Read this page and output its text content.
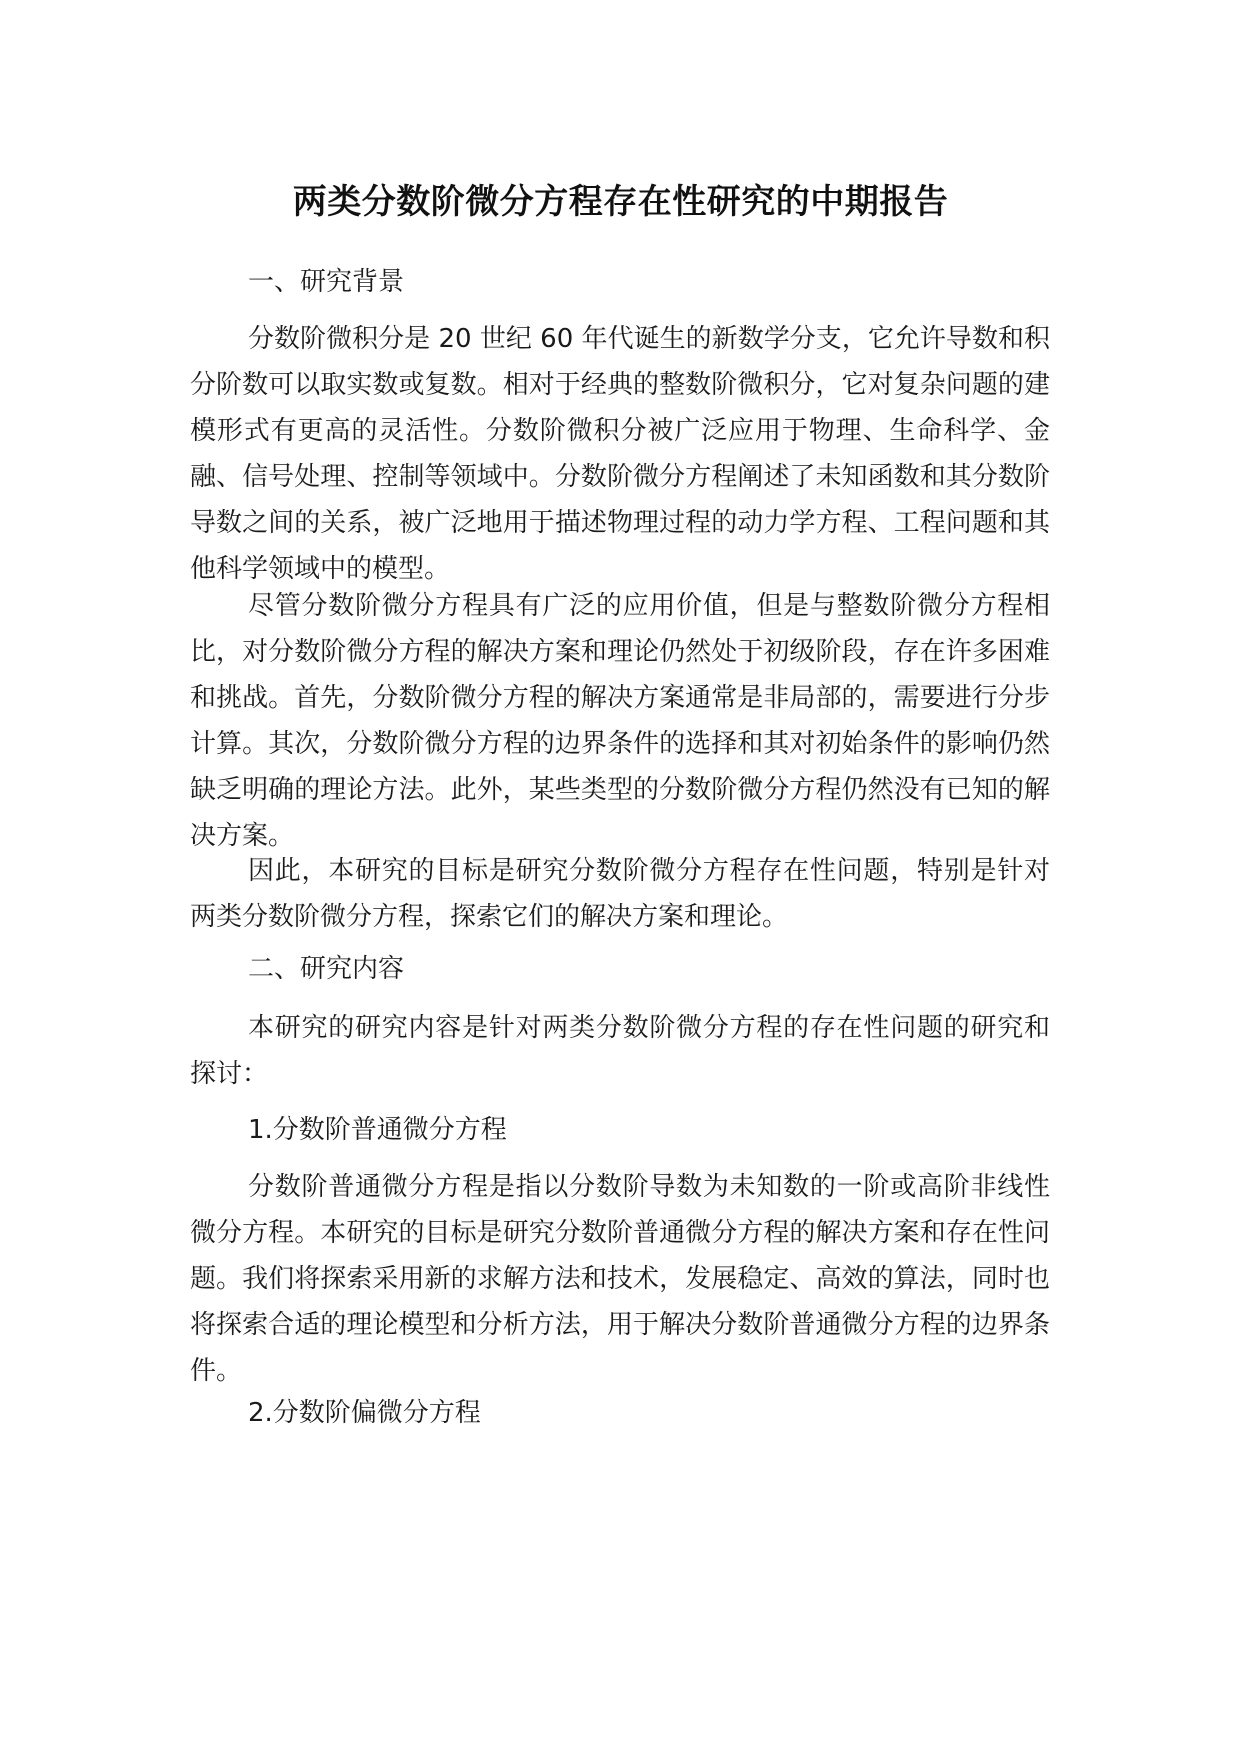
两类分数阶微分方程存在性研究的中期报告

一、研究背景

分数阶微积分是 20 世纪 60 年代诞生的新数学分支，它允许导数和积分阶数可以取实数或复数。相对于经典的整数阶微积分，它对复杂问题的建模形式有更高的灵活性。分数阶微积分被广泛应用于物理、生命科学、金融、信号处理、控制等领域中。分数阶微分方程阐述了未知函数和其分数阶导数之间的关系，被广泛地用于描述物理过程的动力学方程、工程问题和其他科学领域中的模型。

尽管分数阶微分方程具有广泛的应用价值，但是与整数阶微分方程相比，对分数阶微分方程的解决方案和理论仍然处于初级阶段，存在许多困难和挑战。首先，分数阶微分方程的解决方案通常是非局部的，需要进行分步计算。其次，分数阶微分方程的边界条件的选择和其对初始条件的影响仍然缺乏明确的理论方法。此外，某些类型的分数阶微分方程仍然没有已知的解决方案。

因此，本研究的目标是研究分数阶微分方程存在性问题，特别是针对两类分数阶微分方程，探索它们的解决方案和理论。

二、研究内容

本研究的研究内容是针对两类分数阶微分方程的存在性问题的研究和探讨：

1.分数阶普通微分方程

分数阶普通微分方程是指以分数阶导数为未知数的一阶或高阶非线性微分方程。本研究的目标是研究分数阶普通微分方程的解决方案和存在性问题。我们将探索采用新的求解方法和技术，发展稳定、高效的算法，同时也将探索合适的理论模型和分析方法，用于解决分数阶普通微分方程的边界条件。

2.分数阶偏微分方程
